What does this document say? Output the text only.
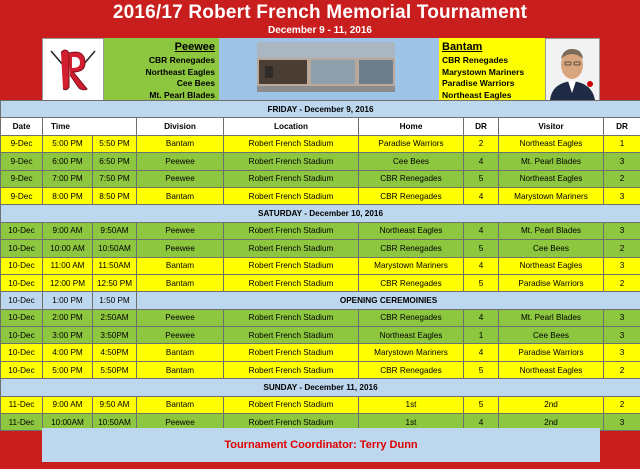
2016/17 Robert French Memorial Tournament
December 9 - 11, 2016
Peewee
CBR Renegades
Northeast Eagles
Cee Bees
Mt. Pearl Blades
Bantam
CBR Renegades
Marystown Mariners
Paradise Warriors
Northeast Eagles
FRIDAY - December 9, 2016								
Date	Time		Division	Location	Home	DR	Visitor	DR
9-Dec	5:00 PM	5:50 PM	Bantam	Robert French Stadium	Paradise Warriors	2	Northeast Eagles	1
9-Dec	6:00 PM	6:50 PM	Peewee	Robert French Stadium	Cee Bees	4	Mt. Pearl Blades	3
9-Dec	7:00 PM	7:50 PM	Peewee	Robert French Stadium	CBR Renegades	5	Northeast Eagles	2
9-Dec	8:00 PM	8:50 PM	Bantam	Robert French Stadium	CBR Renegades	4	Marystown Mariners	3
SATURDAY - December 10, 2016								
10-Dec	9:00 AM	9:50AM	Peewee	Robert French Stadium	Northeast Eagles	4	Mt. Pearl Blades	3
10-Dec	10:00 AM	10:50AM	Peewee	Robert French Stadium	CBR Renegades	5	Cee Bees	2
10-Dec	11:00 AM	11:50AM	Bantam	Robert French Stadium	Marystown Mariners	4	Northeast Eagles	3
10-Dec	12:00 PM	12:50 PM	Bantam	Robert French Stadium	CBR Renegades	5	Paradise Warriors	2
10-Dec	1:00 PM	1:50 PM	OPENING CEREMOINIES					
10-Dec	2:00 PM	2:50AM	Peewee	Robert French Stadium	CBR Renegades	4	Mt. Pearl Blades	3
10-Dec	3:00 PM	3:50PM	Peewee	Robert French Stadium	Northeast Eagles	1	Cee Bees	3
10-Dec	4:00 PM	4:50PM	Bantam	Robert French Stadium	Marystown Mariners	4	Paradise Warriors	3
10-Dec	5:00 PM	5:50PM	Bantam	Robert French Stadium	CBR Renegades	5	Northeast Eagles	2
SUNDAY - December 11, 2016								
11-Dec	9:00 AM	9:50 AM	Bantam	Robert French Stadium	1st	5	2nd	2
11-Dec	10:00AM	10:50AM	Peewee	Robert French Stadium	1st	4	2nd	3
Tournament Coordinator: Terry Dunn
